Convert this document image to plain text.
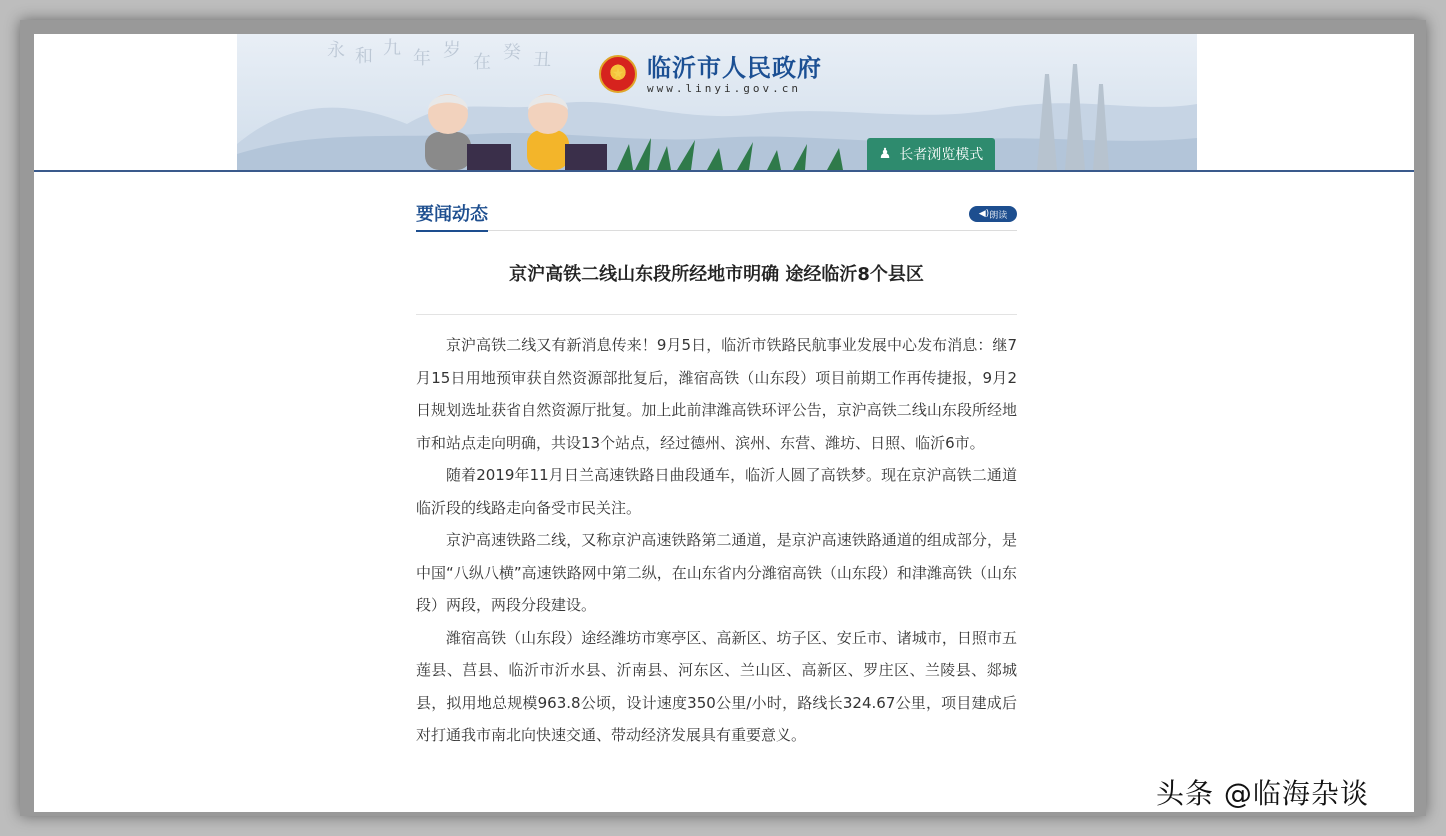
永 和 九 年 岁
在 癸 丑
★ 临沂市人民政府
www.linyi.gov.cn
♟ 长者浏览模式
要闻动态	◀) 朗读
京沪高铁二线山东段所经地市明确 途经临沂8个县区

京沪高铁二线又有新消息传来！9月5日，临沂市铁路民航事业发展中心发布消息：继7月15日用地预审获自然资源部批复后，潍宿高铁（山东段）项目前期工作再传捷报，9月2日规划选址获省自然资源厅批复。加上此前津潍高铁环评公告，京沪高铁二线山东段所经地市和站点走向明确，共设13个站点，经过德州、滨州、东营、潍坊、日照、临沂6市。

随着2019年11月日兰高速铁路日曲段通车，临沂人圆了高铁梦。现在京沪高铁二通道临沂段的线路走向备受市民关注。

京沪高速铁路二线，又称京沪高速铁路第二通道，是京沪高速铁路通道的组成部分，是中国“八纵八横”高速铁路网中第二纵，在山东省内分潍宿高铁（山东段）和津潍高铁（山东段）两段，两段分段建设。

潍宿高铁（山东段）途经潍坊市寒亭区、高新区、坊子区、安丘市、诸城市，日照市五莲县、莒县、临沂市沂水县、沂南县、河东区、兰山区、高新区、罗庄区、兰陵县、郯城县，拟用地总规模963.8公顷，设计速度350公里/小时，路线长324.67公里，项目建成后对打通我市南北向快速交通、带动经济发展具有重要意义。

头条 @临海杂谈
